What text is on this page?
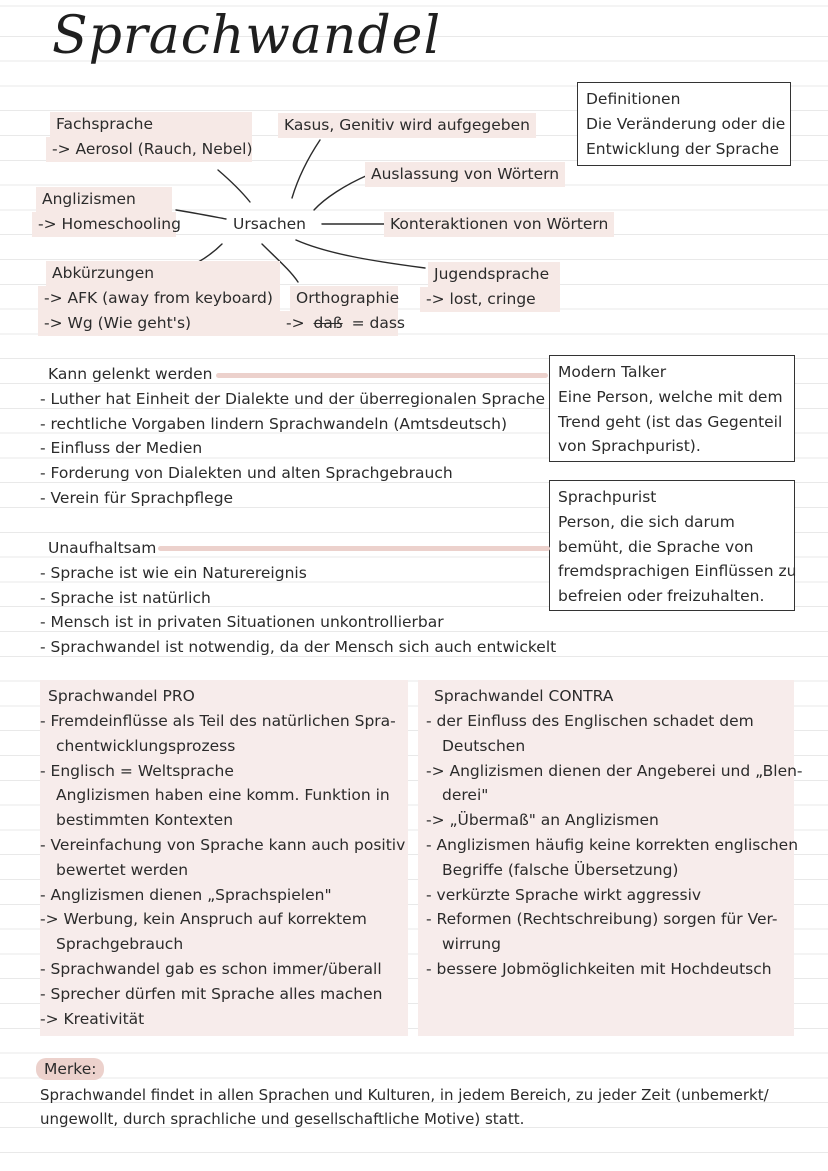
Sprachwandel
Definitionen
Die Veränderung oder die
Entwicklung der Sprache
Fachsprache
-> Aerosol (Rauch, Nebel)
Kasus, Genitiv wird aufgegeben
Auslassung von Wörtern
Anglizismen
-> Homeschooling	Ursachen	Konteraktionen von Wörtern
Abkürzungen
-> AFK (away from keyboard)
-> Wg (Wie geht's)
Orthographie
-> daß = dass
Jugendsprache
-> lost, cringe
Kann gelenkt werden
- Luther hat Einheit der Dialekte und der überregionalen Sprache
- rechtliche Vorgaben lindern Sprachwandeln (Amtsdeutsch)
- Einfluss der Medien
- Forderung von Dialekten und alten Sprachgebrauch
- Verein für Sprachpflege
Modern Talker
Eine Person, welche mit dem
Trend geht (ist das Gegenteil
von Sprachpurist).
Sprachpurist
Person, die sich darum
bemüht, die Sprache von
fremdsprachigen Einflüssen zu
befreien oder freizuhalten.
Unaufhaltsam
- Sprache ist wie ein Naturereignis
- Sprache ist natürlich
- Mensch ist in privaten Situationen unkontrollierbar
- Sprachwandel ist notwendig, da der Mensch sich auch entwickelt
Sprachwandel PRO
- Fremdeinflüsse als Teil des natürlichen Spra-
chentwicklungsprozess
- Englisch = Weltsprache
Anglizismen haben eine komm. Funktion in
bestimmten Kontexten
- Vereinfachung von Sprache kann auch positiv
bewertet werden
- Anglizismen dienen „Sprachspielen"
-> Werbung, kein Anspruch auf korrektem
Sprachgebrauch
- Sprachwandel gab es schon immer/überall
- Sprecher dürfen mit Sprache alles machen
-> Kreativität
Sprachwandel CONTRA
- der Einfluss des Englischen schadet dem
Deutschen
-> Anglizismen dienen der Angeberei und „Blen-
derei"
-> „Übermaß" an Anglizismen
- Anglizismen häufig keine korrekten englischen
Begriffe (falsche Übersetzung)
- verkürzte Sprache wirkt aggressiv
- Reformen (Rechtschreibung) sorgen für Ver-
wirrung
- bessere Jobmöglichkeiten mit Hochdeutsch
Merke:
Sprachwandel findet in allen Sprachen und Kulturen, in jedem Bereich, zu jeder Zeit (unbemerkt/
ungewollt, durch sprachliche und gesellschaftliche Motive) statt.
